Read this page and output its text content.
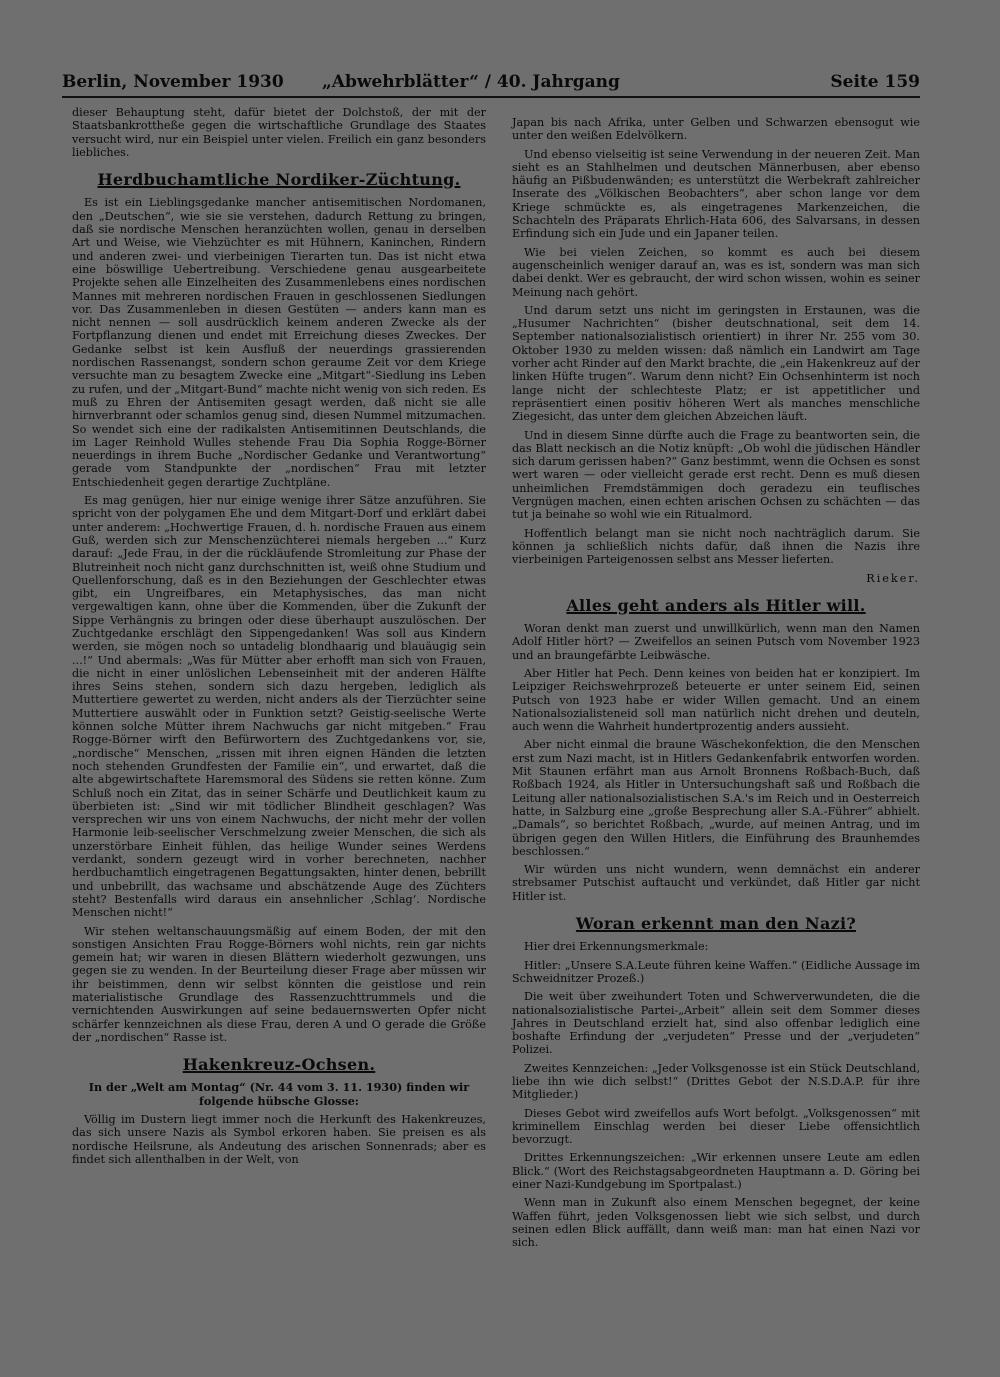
Berlin, November 1930 „Abwehrblätter“ / 40. Jahrgang	Seite 159

dieser Behauptung steht, dafür bietet der Dolchstoß, der mit der Staatsbankrottheße gegen die wirtschaftliche Grundlage des Staates versucht wird, nur ein Beispiel unter vielen. Freilich ein ganz besonders liebliches.

Herdbuchamtliche Nordiker-Züchtung.

Es ist ein Lieblingsgedanke mancher antisemitischen Nordomanen, den „Deutschen“, wie sie sie verstehen, dadurch Rettung zu bringen, daß sie nordische Menschen heranzüchten wollen, genau in derselben Art und Weise, wie Viehzüchter es mit Hühnern, Kaninchen, Rindern und anderen zwei- und vierbeinigen Tierarten tun. Das ist nicht etwa eine böswillige Uebertreibung. Verschiedene genau ausgearbeitete Projekte sehen alle Einzelheiten des Zusammenlebens eines nordischen Mannes mit mehreren nordischen Frauen in geschlossenen Siedlungen vor. Das Zusammenleben in diesen Gestüten — anders kann man es nicht nennen — soll ausdrücklich keinem anderen Zwecke als der Fortpflanzung dienen und endet mit Erreichung dieses Zweckes. Der Gedanke selbst ist kein Ausfluß der neuerdings grassierenden nordischen Rassenangst, sondern schon geraume Zeit vor dem Kriege versuchte man zu besagtem Zwecke eine „Mitgart“-Siedlung ins Leben zu rufen, und der „Mitgart-Bund“ machte nicht wenig von sich reden. Es muß zu Ehren der Antisemiten gesagt werden, daß nicht sie alle hirnverbrannt oder schamlos genug sind, diesen Nummel mitzumachen. So wendet sich eine der radikalsten Antisemitinnen Deutschlands, die im Lager Reinhold Wulles stehende Frau Dia Sophia Rogge-Börner neuerdings in ihrem Buche „Nordischer Gedanke und Verantwortung“ gerade vom Standpunkte der „nordischen“ Frau mit letzter Entschiedenheit gegen derartige Zuchtpläne.

Es mag genügen, hier nur einige wenige ihrer Sätze anzuführen. Sie spricht von der polygamen Ehe und dem Mitgart-Dorf und erklärt dabei unter anderem: „Hochwertige Frauen, d. h. nordische Frauen aus einem Guß, werden sich zur Menschenzüchterei niemals hergeben ...“ Kurz darauf: „Jede Frau, in der die rückläufende Stromleitung zur Phase der Blutreinheit noch nicht ganz durchschnitten ist, weiß ohne Studium und Quellenforschung, daß es in den Beziehungen der Geschlechter etwas gibt, ein Ungreifbares, ein Metaphysisches, das man nicht vergewaltigen kann, ohne über die Kommenden, über die Zukunft der Sippe Verhängnis zu bringen oder diese überhaupt auszulöschen. Der Zuchtgedanke erschlägt den Sippengedanken! Was soll aus Kindern werden, sie mögen noch so untadelig blondhaarig und blauäugig sein ...!“ Und abermals: „Was für Mütter aber erhofft man sich von Frauen, die nicht in einer unlöslichen Lebenseinheit mit der anderen Hälfte ihres Seins stehen, sondern sich dazu hergeben, lediglich als Muttertiere gewertet zu werden, nicht anders als der Tierzüchter seine Muttertiere auswählt oder in Funktion setzt? Geistig-seelische Werte können solche Mütter ihrem Nachwuchs gar nicht mitgeben.“ Frau Rogge-Börner wirft den Befürwortern des Zuchtgedankens vor, sie, „nordische“ Menschen, „rissen mit ihren eignen Händen die letzten noch stehenden Grundfesten der Familie ein“, und erwartet, daß die alte abgewirtschaftete Haremsmoral des Südens sie retten könne. Zum Schluß noch ein Zitat, das in seiner Schärfe und Deutlichkeit kaum zu überbieten ist: „Sind wir mit tödlicher Blindheit geschlagen? Was versprechen wir uns von einem Nachwuchs, der nicht mehr der vollen Harmonie leib-seelischer Verschmelzung zweier Menschen, die sich als unzerstörbare Einheit fühlen, das heilige Wunder seines Werdens verdankt, sondern gezeugt wird in vorher berechneten, nachher herdbuchamtlich eingetragenen Begattungsakten, hinter denen, bebrillt und unbebrillt, das wachsame und abschätzende Auge des Züchters steht? Bestenfalls wird daraus ein ansehnlicher ‚Schlag‘. Nordische Menschen nicht!“

Wir stehen weltanschauungsmäßig auf einem Boden, der mit den sonstigen Ansichten Frau Rogge-Börners wohl nichts, rein gar nichts gemein hat; wir waren in diesen Blättern wiederholt gezwungen, uns gegen sie zu wenden. In der Beurteilung dieser Frage aber müssen wir ihr beistimmen, denn wir selbst könnten die geistlose und rein materialistische Grundlage des Rassenzuchttrummels und die vernichtenden Auswirkungen auf seine bedauernswerten Opfer nicht schärfer kennzeichnen als diese Frau, deren A und O gerade die Größe der „nordischen“ Rasse ist.

Hakenkreuz-Ochsen.

In der „Welt am Montag“ (Nr. 44 vom 3. 11. 1930) finden wir folgende hübsche Glosse:

Völlig im Dustern liegt immer noch die Herkunft des Hakenkreuzes, das sich unsere Nazis als Symbol erkoren haben. Sie preisen es als nordische Heilsrune, als Andeutung des arischen Sonnenrads; aber es findet sich allenthalben in der Welt, von

Japan bis nach Afrika, unter Gelben und Schwarzen ebensogut wie unter den weißen Edelvölkern.

Und ebenso vielseitig ist seine Verwendung in der neueren Zeit. Man sieht es an Stahlhelmen und deutschen Männerbusen, aber ebenso häufig an Pißbudenwänden; es unterstützt die Werbekraft zahlreicher Inserate des „Völkischen Beobachters“, aber schon lange vor dem Kriege schmückte es, als eingetragenes Markenzeichen, die Schachteln des Präparats Ehrlich-Hata 606, des Salvarsans, in dessen Erfindung sich ein Jude und ein Japaner teilen.

Wie bei vielen Zeichen, so kommt es auch bei diesem augenscheinlich weniger darauf an, was es ist, sondern was man sich dabei denkt. Wer es gebraucht, der wird schon wissen, wohin es seiner Meinung nach gehört.

Und darum setzt uns nicht im geringsten in Erstaunen, was die „Husumer Nachrichten“ (bisher deutschnational, seit dem 14. September nationalsozialistisch orientiert) in ihrer Nr. 255 vom 30. Oktober 1930 zu melden wissen: daß nämlich ein Landwirt am Tage vorher acht Rinder auf den Markt brachte, die „ein Hakenkreuz auf der linken Hüfte trugen“. Warum denn nicht? Ein Ochsenhinterm ist noch lange nicht der schlechteste Platz; er ist appetitlicher und repräsentiert einen positiv höheren Wert als manches menschliche Ziegesicht, das unter dem gleichen Abzeichen läuft.

Und in diesem Sinne dürfte auch die Frage zu beantworten sein, die das Blatt neckisch an die Notiz knüpft: „Ob wohl die jüdischen Händler sich darum gerissen haben?“ Ganz bestimmt, wenn die Ochsen es sonst wert waren — oder vielleicht gerade erst recht. Denn es muß diesen unheimlichen Fremdstämmigen doch geradezu ein teuflisches Vergnügen machen, einen echten arischen Ochsen zu schächten — das tut ja beinahe so wohl wie ein Ritualmord.

Hoffentlich belangt man sie nicht noch nachträglich darum. Sie können ja schließlich nichts dafür, daß ihnen die Nazis ihre vierbeinigen Parteigenossen selbst ans Messer lieferten.

Rieker.

Alles geht anders als Hitler will.

Woran denkt man zuerst und unwillkürlich, wenn man den Namen Adolf Hitler hört? — Zweifellos an seinen Putsch vom November 1923 und an braungefärbte Leibwäsche.

Aber Hitler hat Pech. Denn keines von beiden hat er konzipiert. Im Leipziger Reichswehrprozeß beteuerte er unter seinem Eid, seinen Putsch von 1923 habe er wider Willen gemacht. Und an einem Nationalsozialisteneid soll man natürlich nicht drehen und deuteln, auch wenn die Wahrheit hundertprozentig anders aussieht.

Aber nicht einmal die braune Wäschekonfektion, die den Menschen erst zum Nazi macht, ist in Hitlers Gedankenfabrik entworfen worden. Mit Staunen erfährt man aus Arnolt Bronnens Roßbach-Buch, daß Roßbach 1924, als Hitler in Untersuchungshaft saß und Roßbach die Leitung aller nationalsozialistischen S.A.'s im Reich und in Oesterreich hatte, in Salzburg eine „große Besprechung aller S.A.-Führer“ abhielt. „Damals“, so berichtet Roßbach, „wurde, auf meinen Antrag, und im übrigen gegen den Willen Hitlers, die Einführung des Braunhemdes beschlossen.“

Wir würden uns nicht wundern, wenn demnächst ein anderer strebsamer Putschist auftaucht und verkündet, daß Hitler gar nicht Hitler ist.

Woran erkennt man den Nazi?

Hier drei Erkennungsmerkmale:

Hitler: „Unsere S.A.Leute führen keine Waffen.“ (Eidliche Aussage im Schweidnitzer Prozeß.)

Die weit über zweihundert Toten und Schwerverwundeten, die die nationalsozialistische Partei-„Arbeit“ allein seit dem Sommer dieses Jahres in Deutschland erzielt hat, sind also offenbar lediglich eine boshafte Erfindung der „verjudeten“ Presse und der „verjudeten“ Polizei.

Zweites Kennzeichen: „Jeder Volksgenosse ist ein Stück Deutschland, liebe ihn wie dich selbst!“ (Drittes Gebot der N.S.D.A.P. für ihre Mitglieder.)

Dieses Gebot wird zweifellos aufs Wort befolgt. „Volksgenossen“ mit kriminellem Einschlag werden bei dieser Liebe offensichtlich bevorzugt.

Drittes Erkennungszeichen: „Wir erkennen unsere Leute am edlen Blick.“ (Wort des Reichstagsabgeordneten Hauptmann a. D. Göring bei einer Nazi-Kundgebung im Sportpalast.)

Wenn man in Zukunft also einem Menschen begegnet, der keine Waffen führt, jeden Volksgenossen liebt wie sich selbst, und durch seinen edlen Blick auffällt, dann weiß man: man hat einen Nazi vor sich.
